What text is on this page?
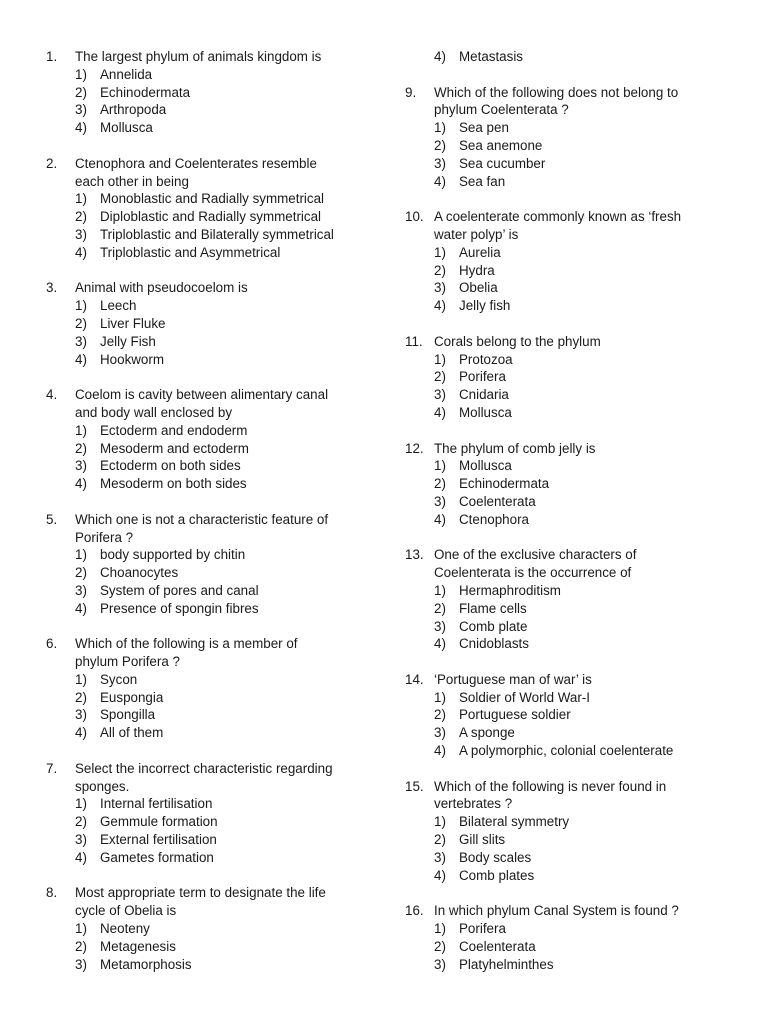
1.	The largest phylum of animals kingdom is
1) Annelida
2) Echinodermata
3) Arthropoda
4) Mollusca
2.	Ctenophora and Coelenterates resemble
each other in being
1) Monoblastic and Radially symmetrical
2) Diploblastic and Radially symmetrical
3) Triploblastic and Bilaterally symmetrical
4) Triploblastic and Asymmetrical
3.	Animal with pseudocoelom is
1) Leech
2) Liver Fluke
3) Jelly Fish
4) Hookworm
4.	Coelom is cavity between alimentary canal
and body wall enclosed by
1) Ectoderm and endoderm
2) Mesoderm and ectoderm
3) Ectoderm on both sides
4) Mesoderm on both sides
5.	Which one is not a characteristic feature of
Porifera ?
1) body supported by chitin
2) Choanocytes
3) System of pores and canal
4) Presence of spongin fibres
6.	Which of the following is a member of
phylum Porifera ?
1) Sycon
2) Euspongia
3) Spongilla
4) All of them
7.	Select the incorrect characteristic regarding
sponges.
1) Internal fertilisation
2) Gemmule formation
3) External fertilisation
4) Gametes formation
8.	Most appropriate term to designate the life
cycle of Obelia is
1) Neoteny
2) Metagenesis
3) Metamorphosis
4) Metastasis
9.	Which of the following does not belong to
phylum Coelenterata ?
1) Sea pen
2) Sea anemone
3) Sea cucumber
4) Sea fan
10. A coelenterate commonly known as ‘fresh
water polyp’ is
1) Aurelia
2) Hydra
3) Obelia
4) Jelly fish
11. Corals belong to the phylum
1) Protozoa
2) Porifera
3) Cnidaria
4) Mollusca
12. The phylum of comb jelly is
1) Mollusca
2) Echinodermata
3) Coelenterata
4) Ctenophora
13. One of the exclusive characters of
Coelenterata is the occurrence of
1) Hermaphroditism
2) Flame cells
3) Comb plate
4) Cnidoblasts
14. ‘Portuguese man of war’ is
1) Soldier of World War-I
2) Portuguese soldier
3) A sponge
4) A polymorphic, colonial coelenterate
15. Which of the following is never found in
vertebrates ?
1) Bilateral symmetry
2) Gill slits
3) Body scales
4) Comb plates
16. In which phylum Canal System is found ?
1) Porifera
2) Coelenterata
3) Platyhelminthes
